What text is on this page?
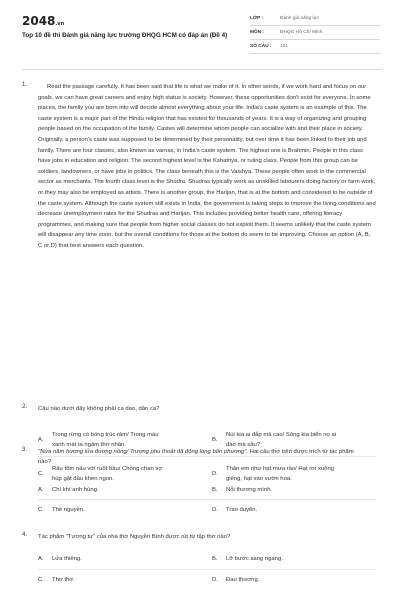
2048.vn
Top 10 đề thi Đánh giá năng lực trường ĐHQG HCM có đáp án (Đề 4)
LỚP :	Đánh giá năng lực
MÔN :	ĐHQG Hồ Chí Minh
SỐ CÂU :	121
1.	Read the passage carefully. It has been said that life is what we make of it. In other words, if we work hard and focus on our goals, we can have great careers and enjoy high status is society. However, these opportunities don't exist for everyone. In some places, the family you are born into will decide almost everything about your life. India's caste system is an example of this. The caste system is a major part of the Hindu religion that has existed for thousands of years. It is a way of organizing and grouping people based on the occupation of the family. Castes will determine whom people can socialize with and their place in society. Originally, a person's caste was supposed to be determined by their personality, but over time it has been linked to their job and family. There are four classes, also known as varnas, in India's caste system. The highest one is Brahmin. People in this class have jobs in education and religion. The second highest level is the Kshatriya, or ruling class. People from this group can be soldiers, landowners, or have jobs in politics. The class beneath this is the Vaishya. These people often work in the commercial sector as merchants. The fourth class level is the Shudra. Shudras typically work as unskilled labourers doing factory or farm work, or they may also be employed as artists. There is another group, the Harijan, that is at the bottom and considered to be outside of the caste system. Although the caste system still exists in India, the government is taking steps to improve the living conditions and decrease unemployment rates for the Shudras and Harijan. This includes providing better health care, offering literacy programmes, and making sure that people from higher social classes do not exploit them. It seems unlikely that the caste system will disappear any time soon, but the overall conditions for those at the bottom do seem to be improving. Choose an option (A, B, C or D) that best answers each question.
2. Câu nào dưới đây không phải ca dao, dân ca?
A.
Trong rừng có bóng trúc râm/ Trong màu xanh mát ta ngâm thơ nhàn.
B.
Núi kia ai đắp mà cao/ Sông kia biển nọ ai đào mà sâu?
C.
Râu tôm nấu với ruột bầu/ Chồng chan vợ húp gật đầu khen ngon.
D.
Thân em như hạt mưa rào/ Hạt rơi xuống giếng, hạt vào vườn hoa.
3. "Nửa năm hương lửa đương nồng/ Trượng phu thoắt đã động lòng bốn phương". Hai câu thơ trên được trích từ tác phẩm nào?
A. Chí khí anh hùng.	B. Nỗi thương mình.
C. Thề nguyền.	D. Trao duyên.
4. Tác phẩm "Tương tư" của nhà thơ Nguyễn Bính được rút từ tập thơ nào?
A. Lửa thiêng.	B. Lỡ bước sang ngang.
C. Thơ thơ.	D. Đau thương.
